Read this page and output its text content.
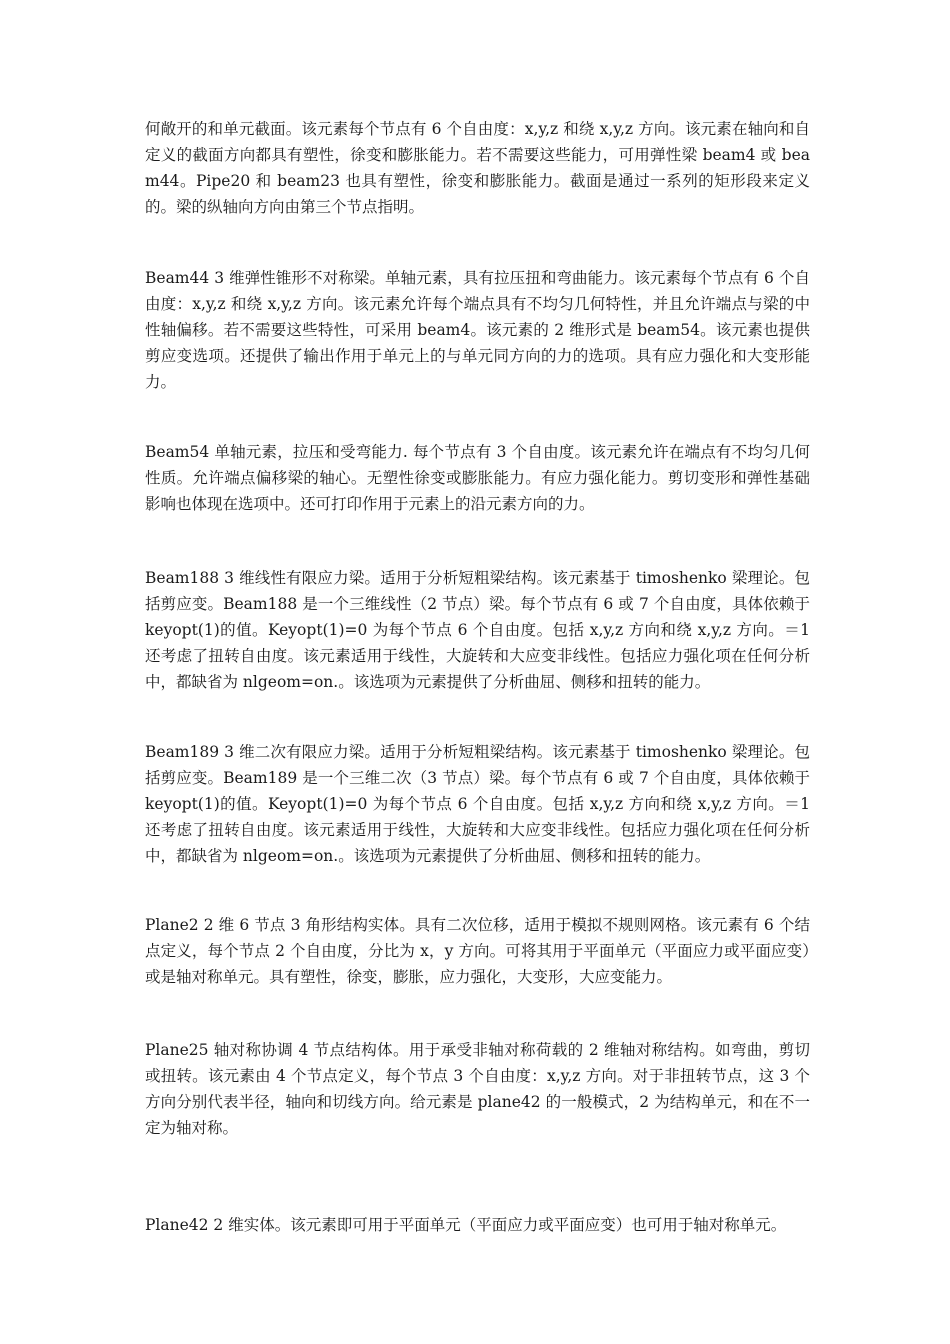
何敞开的和单元截面。该元素每个节点有 6 个自由度：x,y,z 和绕 x,y,z 方向。该元素在轴向和自定义的截面方向都具有塑性，徐变和膨胀能力。若不需要这些能力，可用弹性梁 beam4 或 beam44。Pipe20 和 beam23 也具有塑性，徐变和膨胀能力。截面是通过一系列的矩形段来定义的。梁的纵轴向方向由第三个节点指明。

Beam44 3 维弹性锥形不对称梁。单轴元素，具有拉压扭和弯曲能力。该元素每个节点有 6 个自由度：x,y,z 和绕 x,y,z 方向。该元素允许每个端点具有不均匀几何特性，并且允许端点与梁的中性轴偏移。若不需要这些特性，可采用 beam4。该元素的 2 维形式是 beam54。该元素也提供剪应变选项。还提供了输出作用于单元上的与单元同方向的力的选项。具有应力强化和大变形能力。

Beam54 单轴元素，拉压和受弯能力. 每个节点有 3 个自由度。该元素允许在端点有不均匀几何性质。允许端点偏移梁的轴心。无塑性徐变或膨胀能力。有应力强化能力。剪切变形和弹性基础影响也体现在选项中。还可打印作用于元素上的沿元素方向的力。

Beam188 3 维线性有限应力梁。适用于分析短粗梁结构。该元素基于 timoshenko 梁理论。包括剪应变。Beam188 是一个三维线性（2 节点）梁。每个节点有 6 或 7 个自由度，具体依赖于 keyopt(1)的值。Keyopt(1)=0 为每个节点 6 个自由度。包括 x,y,z 方向和绕 x,y,z 方向。＝1 还考虑了扭转自由度。该元素适用于线性，大旋转和大应变非线性。包括应力强化项在任何分析中，都缺省为 nlgeom=on.。该选项为元素提供了分析曲屈、侧移和扭转的能力。

Beam189 3 维二次有限应力梁。适用于分析短粗梁结构。该元素基于 timoshenko 梁理论。包括剪应变。Beam189 是一个三维二次（3 节点）梁。每个节点有 6 或 7 个自由度，具体依赖于 keyopt(1)的值。Keyopt(1)=0 为每个节点 6 个自由度。包括 x,y,z 方向和绕 x,y,z 方向。＝1 还考虑了扭转自由度。该元素适用于线性，大旋转和大应变非线性。包括应力强化项在任何分析中，都缺省为 nlgeom=on.。该选项为元素提供了分析曲屈、侧移和扭转的能力。

Plane2 2 维 6 节点 3 角形结构实体。具有二次位移，适用于模拟不规则网格。该元素有 6 个结点定义，每个节点 2 个自由度，分比为 x，y 方向。可将其用于平面单元（平面应力或平面应变）或是轴对称单元。具有塑性，徐变，膨胀，应力强化，大变形，大应变能力。

Plane25 轴对称协调 4 节点结构体。用于承受非轴对称荷载的 2 维轴对称结构。如弯曲，剪切或扭转。该元素由 4 个节点定义，每个节点 3 个自由度：x,y,z 方向。对于非扭转节点，这 3 个方向分别代表半径，轴向和切线方向。给元素是 plane42 的一般模式，2 为结构单元，和在不一定为轴对称。

Plane42 2 维实体。该元素即可用于平面单元（平面应力或平面应变）也可用于轴对称单元。
